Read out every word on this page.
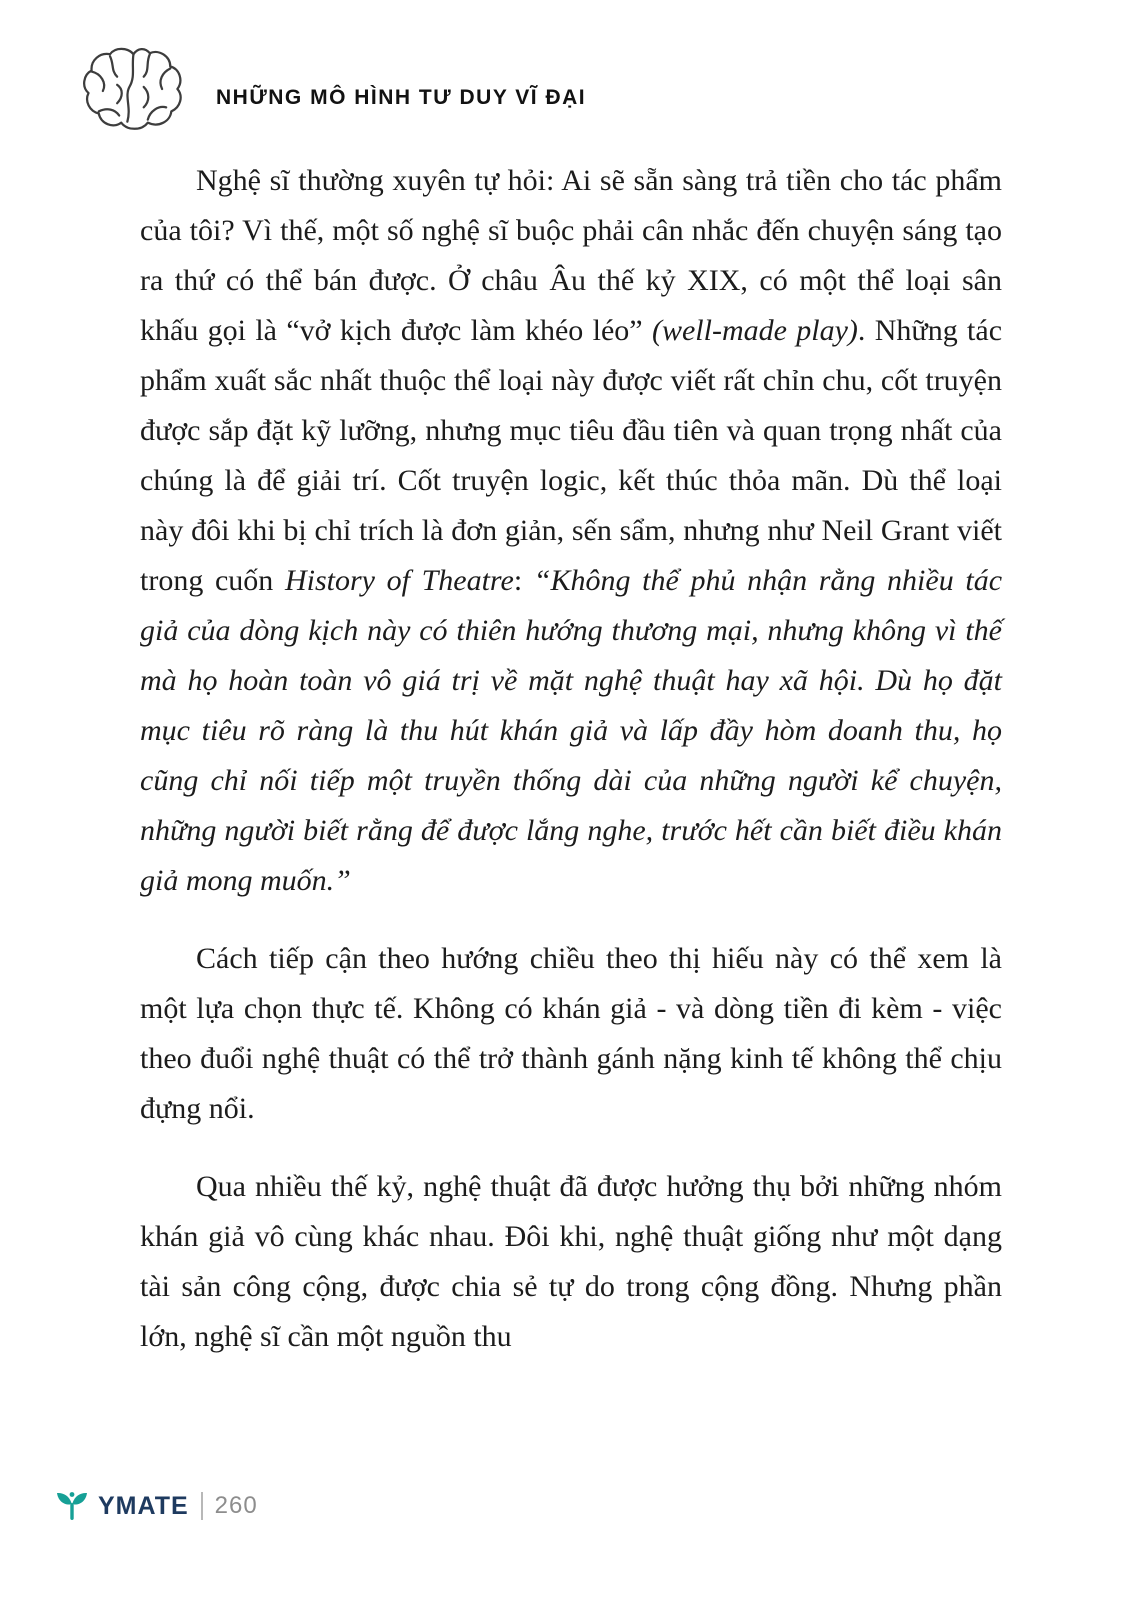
NHỮNG MÔ HÌNH TƯ DUY VĨ ĐẠI

Nghệ sĩ thường xuyên tự hỏi: Ai sẽ sẵn sàng trả tiền cho tác phẩm của tôi? Vì thế, một số nghệ sĩ buộc phải cân nhắc đến chuyện sáng tạo ra thứ có thể bán được. Ở châu Âu thế kỷ XIX, có một thể loại sân khấu gọi là “vở kịch được làm khéo léo” (well-made play). Những tác phẩm xuất sắc nhất thuộc thể loại này được viết rất chỉn chu, cốt truyện được sắp đặt kỹ lưỡng, nhưng mục tiêu đầu tiên và quan trọng nhất của chúng là để giải trí. Cốt truyện logic, kết thúc thỏa mãn. Dù thể loại này đôi khi bị chỉ trích là đơn giản, sến sẩm, nhưng như Neil Grant viết trong cuốn History of Theatre: “Không thể phủ nhận rằng nhiều tác giả của dòng kịch này có thiên hướng thương mại, nhưng không vì thế mà họ hoàn toàn vô giá trị về mặt nghệ thuật hay xã hội. Dù họ đặt mục tiêu rõ ràng là thu hút khán giả và lấp đầy hòm doanh thu, họ cũng chỉ nối tiếp một truyền thống dài của những người kể chuyện, những người biết rằng để được lắng nghe, trước hết cần biết điều khán giả mong muốn.”

Cách tiếp cận theo hướng chiều theo thị hiếu này có thể xem là một lựa chọn thực tế. Không có khán giả - và dòng tiền đi kèm - việc theo đuổi nghệ thuật có thể trở thành gánh nặng kinh tế không thể chịu đựng nổi.

Qua nhiều thế kỷ, nghệ thuật đã được hưởng thụ bởi những nhóm khán giả vô cùng khác nhau. Đôi khi, nghệ thuật giống như một dạng tài sản công cộng, được chia sẻ tự do trong cộng đồng. Nhưng phần lớn, nghệ sĩ cần một nguồn thu

YMATE 260
